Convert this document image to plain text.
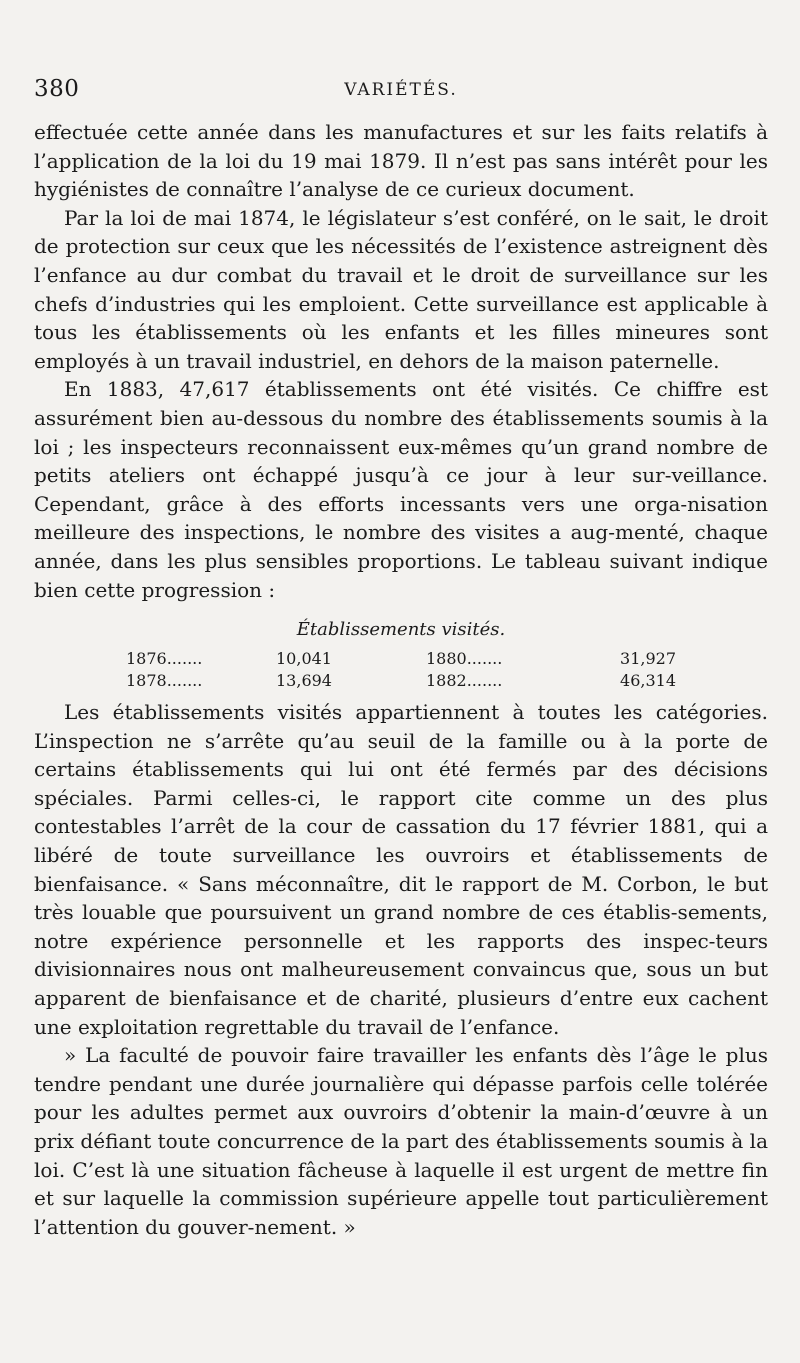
380	VARIÉTÉS.

effectuée cette année dans les manufactures et sur les faits relatifs à l’application de la loi du 19 mai 1879. Il n’est pas sans intérêt pour les hygiénistes de connaître l’analyse de ce curieux document.

Par la loi de mai 1874, le législateur s’est conféré, on le sait, le droit de protection sur ceux que les nécessités de l’existence astreignent dès l’enfance au dur combat du travail et le droit de surveillance sur les chefs d’industries qui les emploient. Cette surveillance est applicable à tous les établissements où les enfants et les filles mineures sont employés à un travail industriel, en dehors de la maison paternelle.

En 1883, 47,617 établissements ont été visités. Ce chiffre est assurément bien au-dessous du nombre des établissements soumis à la loi ; les inspecteurs reconnaissent eux-mêmes qu’un grand nombre de petits ateliers ont échappé jusqu’à ce jour à leur sur-veillance. Cependant, grâce à des efforts incessants vers une orga-nisation meilleure des inspections, le nombre des visites a aug-menté, chaque année, dans les plus sensibles proportions. Le tableau suivant indique bien cette progression :

Établissements visités.
1876.......	10,041	1880.......	31,927
1878.......	13,694	1882.......	46,314

Les établissements visités appartiennent à toutes les catégories. L’inspection ne s’arrête qu’au seuil de la famille ou à la porte de certains établissements qui lui ont été fermés par des décisions spéciales. Parmi celles-ci, le rapport cite comme un des plus contestables l’arrêt de la cour de cassation du 17 février 1881, qui a libéré de toute surveillance les ouvroirs et établissements de bienfaisance. « Sans méconnaître, dit le rapport de M. Corbon, le but très louable que poursuivent un grand nombre de ces établis-sements, notre expérience personnelle et les rapports des inspec-teurs divisionnaires nous ont malheureusement convaincus que, sous un but apparent de bienfaisance et de charité, plusieurs d’entre eux cachent une exploitation regrettable du travail de l’enfance.

» La faculté de pouvoir faire travailler les enfants dès l’âge le plus tendre pendant une durée journalière qui dépasse parfois celle tolérée pour les adultes permet aux ouvroirs d’obtenir la main-d’œuvre à un prix défiant toute concurrence de la part des établissements soumis à la loi. C’est là une situation fâcheuse à laquelle il est urgent de mettre fin et sur laquelle la commission supérieure appelle tout particulièrement l’attention du gouver-nement. »
